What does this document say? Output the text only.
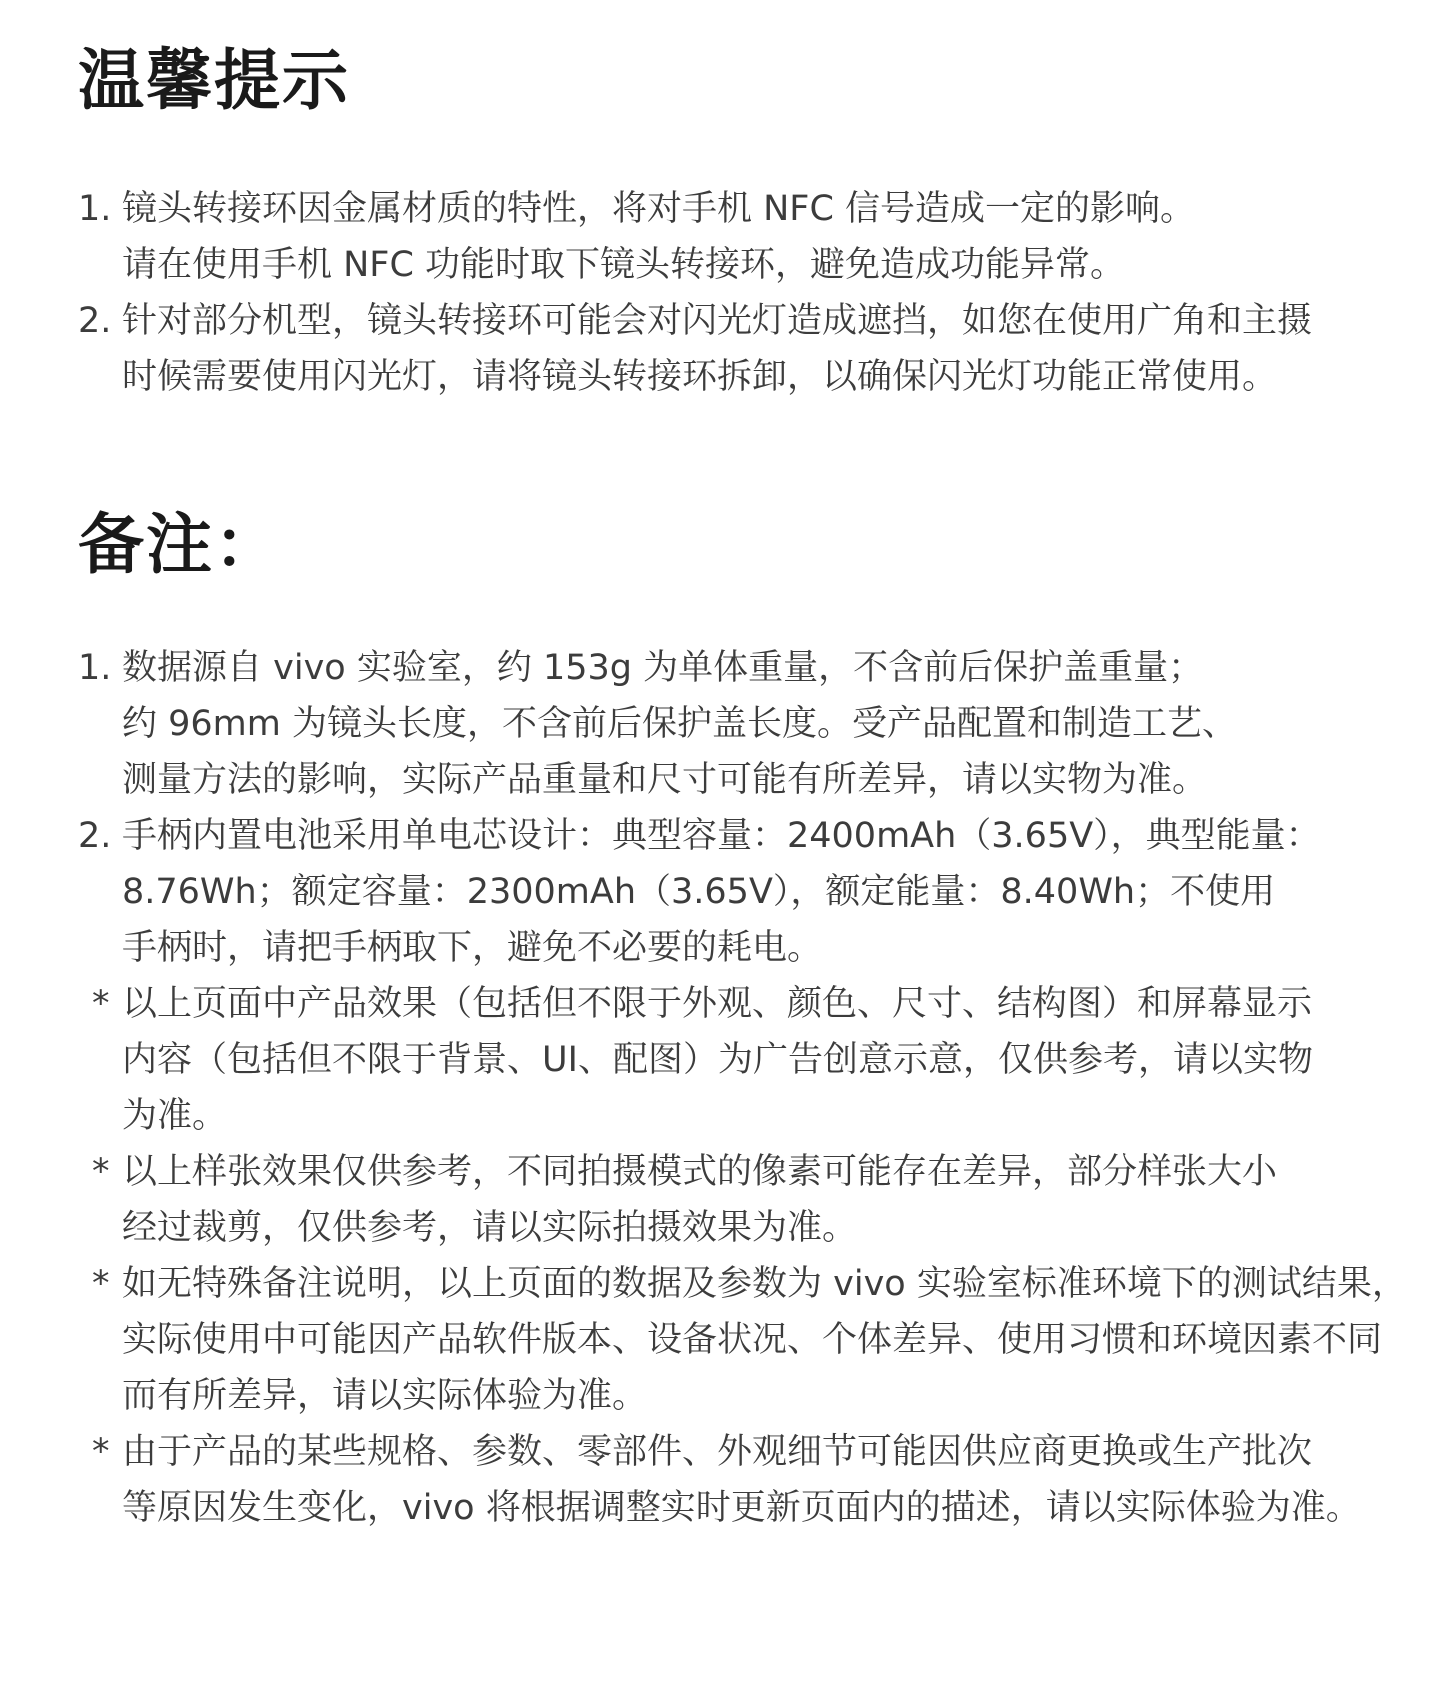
温馨提示
1. 镜头转接环因金属材质的特性，将对手机 NFC 信号造成一定的影响。
请在使用手机 NFC 功能时取下镜头转接环，避免造成功能异常。
2. 针对部分机型，镜头转接环可能会对闪光灯造成遮挡，如您在使用广角和主摄
时候需要使用闪光灯，请将镜头转接环拆卸，以确保闪光灯功能正常使用。
备注：
1. 数据源自 vivo 实验室，约 153g 为单体重量，不含前后保护盖重量；
约 96mm 为镜头长度，不含前后保护盖长度。受产品配置和制造工艺、
测量方法的影响，实际产品重量和尺寸可能有所差异，请以实物为准。
2. 手柄内置电池采用单电芯设计：典型容量：2400mAh（3.65V），典型能量：
8.76Wh；额定容量：2300mAh（3.65V），额定能量：8.40Wh；不使用
手柄时，请把手柄取下，避免不必要的耗电。
* 以上页面中产品效果（包括但不限于外观、颜色、尺寸、结构图）和屏幕显示
内容（包括但不限于背景、UI、配图）为广告创意示意，仅供参考，请以实物
为准。
* 以上样张效果仅供参考，不同拍摄模式的像素可能存在差异，部分样张大小
经过裁剪，仅供参考，请以实际拍摄效果为准。
* 如无特殊备注说明，以上页面的数据及参数为 vivo 实验室标准环境下的测试结果，
实际使用中可能因产品软件版本、设备状况、个体差异、使用习惯和环境因素不同
而有所差异，请以实际体验为准。
* 由于产品的某些规格、参数、零部件、外观细节可能因供应商更换或生产批次
等原因发生变化，vivo 将根据调整实时更新页面内的描述，请以实际体验为准。
